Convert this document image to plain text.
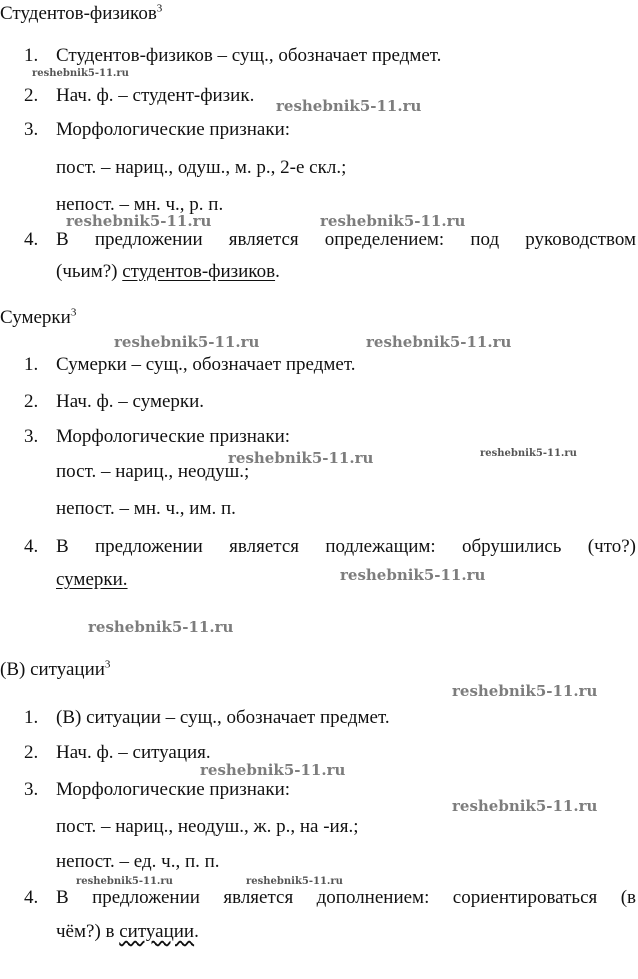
Студентов-физиков$^3$
1. Студентов-физиков – сущ., обозначает предмет.
2. Нач. ф. – студент-физик.
3. Морфологические признаки:
пост. – нариц., одуш., м. р., 2-е скл.;
непост. – мн. ч., р. п.
4. В предложении является определением: под руководством
(чьим?) студентов-физиков.
Сумерки$^3$
1. Сумерки – сущ., обозначает предмет.
2. Нач. ф. – сумерки.
3. Морфологические признаки:
пост. – нариц., неодуш.;
непост. – мн. ч., им. п.
4. В предложении является подлежащим: обрушились (что?)
сумерки.
(В) ситуации$^3$
1. (В) ситуации – сущ., обозначает предмет.
2. Нач. ф. – ситуация.
3. Морфологические признаки:
пост. – нариц., неодуш., ж. р., на -ия.;
непост. – ед. ч., п. п.
4. В предложении является дополнением: сориентироваться (в
чём?) в ситуации.
reshebnik5-11.ru
reshebnik5-11.ru
reshebnik5-11.ru	reshebnik5-11.ru
reshebnik5-11.ru	reshebnik5-11.ru
reshebnik5-11.ru	reshebnik5-11.ru
reshebnik5-11.ru
reshebnik5-11.ru
reshebnik5-11.ru
reshebnik5-11.ru
reshebnik5-11.ru
reshebnik5-11.ru	reshebnik5-11.ru
